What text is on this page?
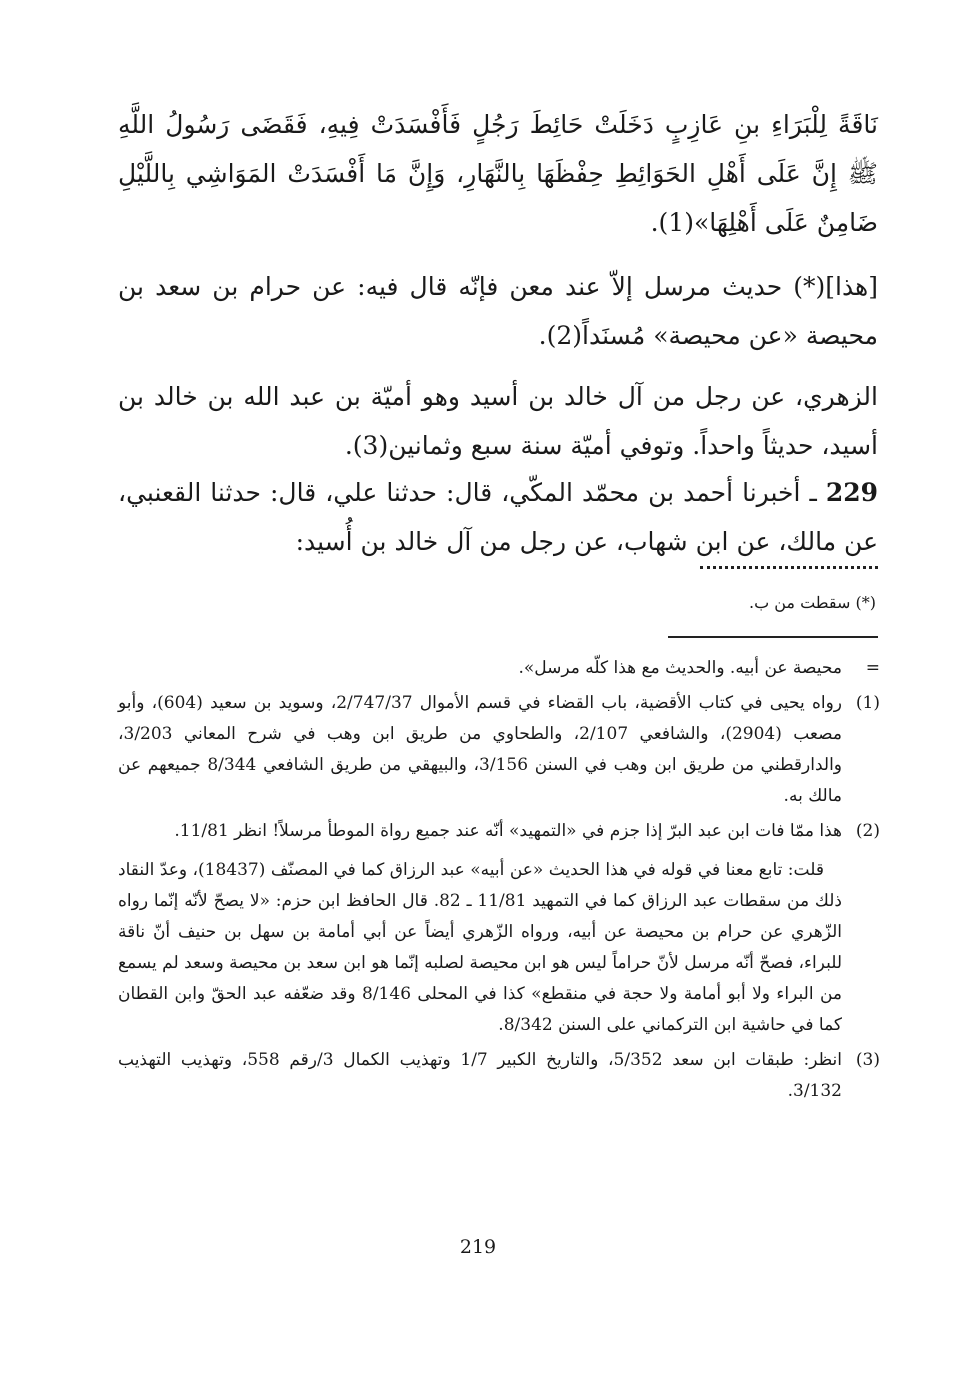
نَاقَةً لِلْبَرَاءِ بنِ عَازِبٍ دَخَلَتْ حَائِطَ رَجُلٍ فَأَفْسَدَتْ فِيهِ، فَقَضَى رَسُولُ اللَّهِ ﷺ إِنَّ عَلَى أَهْلِ الحَوَائِطِ حِفْظَهَا بِالنَّهَارِ، وَإِنَّ مَا أَفْسَدَتْ المَوَاشِي بِاللَّيْلِ ضَامِنٌ عَلَى أَهْلِهَا»(1).

[هذا](*) حديث مرسل إلاّ عند معن فإنّه قال فيه: عن حرام بن سعد بن محيصة «عن محيصة» مُسنَداً(2).

الزهري، عن رجل من آل خالد بن أسيد وهو أميّة بن عبد الله بن خالد بن أسيد، حديثاً واحداً. وتوفي أميّة سنة سبع وثمانين(3).

229 ـ أخبرنا أحمد بن محمّد المكّي، قال: حدثنا علي، قال: حدثنا القعنبي، عن مالك، عن ابن شهاب، عن رجل من آل خالد بن أُسيد:

(*) سقطت من ب.
=
محيصة عن أبيه. والحديث مع هذا كلّه مرسل».
(1)
رواه يحيى في كتاب الأقضية، باب القضاء في قسم الأموال 2/747/37، وسويد بن سعيد (604)، وأبو مصعب (2904)، والشافعي 2/107، والطحاوي من طريق ابن وهب في شرح المعاني 3/203، والدارقطني من طريق ابن وهب في السنن 3/156، والبيهقي من طريق الشافعي 8/344 جميعهم عن مالك به.
(2)
هذا ممّا فات ابن عبد البرّ إذا جزم في «التمهيد» أنّه عند جميع رواة الموطأ مرسلاً! انظر 11/81.
قلت: تابع معنا في قوله في هذا الحديث «عن أبيه» عبد الرزاق كما في المصنّف (18437)، وعدّ النقاد ذلك من سقطات عبد الرزاق كما في التمهيد 11/81 ـ 82. قال الحافظ ابن حزم: «لا يصحّ لأنّه إنّما رواه الزّهري عن حرام بن محيصة عن أبيه، ورواه الزّهري أيضاً عن أبي أمامة بن سهل بن حنيف أنّ ناقة للبراء، فصحّ أنّه مرسل لأنّ حراماً ليس هو ابن محيصة لصلبه إنّما هو ابن سعد بن محيصة وسعد لم يسمع من البراء ولا أبو أمامة ولا حجة في منقطع» كذا في المحلى 8/146 وقد ضعّفه عبد الحقّ وابن القطان كما في حاشية ابن التركماني على السنن 8/342.
(3)
انظر: طبقات ابن سعد 5/352، والتاريخ الكبير 1/7 وتهذيب الكمال 3/رقم 558، وتهذيب التهذيب 3/132.
219
